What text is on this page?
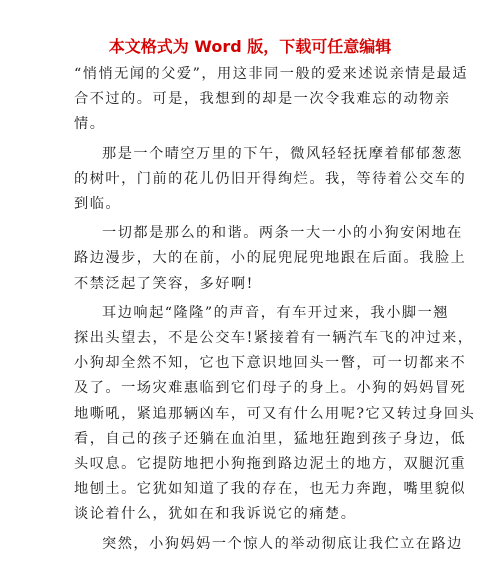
本文格式为 Word 版，下载可任意编辑
“悄悄无闻的父爱”，用这非同一般的爱来述说亲情是最适
合不过的。可是，我想到的却是一次令我难忘的动物亲
情。
那是一个晴空万里的下午，微风轻轻抚摩着郁郁葱葱
的树叶，门前的花儿仍旧开得绚烂。我，等待着公交车的
到临。
一切都是那么的和谐。两条一大一小的小狗安闲地在
路边漫步，大的在前，小的屁兜屁兜地跟在后面。我脸上
不禁泛起了笑容，多好啊!
耳边响起“隆隆”的声音，有车开过来，我小脚一翘
探出头望去，不是公交车!紧接着有一辆汽车飞的冲过来，
小狗却全然不知，它也下意识地回头一瞥，可一切都来不
及了。一场灾难惠临到它们母子的身上。小狗的妈妈冒死
地嘶吼，紧追那辆凶车，可又有什么用呢?它又转过身回头
看，自己的孩子还躺在血泊里，猛地狂跑到孩子身边，低
头叹息。它提防地把小狗拖到路边泥土的地方，双腿沉重
地刨土。它犹如知道了我的存在，也无力奔跑，嘴里貌似
谈论着什么，犹如在和我诉说它的痛楚。
突然，小狗妈妈一个惊人的举动彻底让我伫立在路边
